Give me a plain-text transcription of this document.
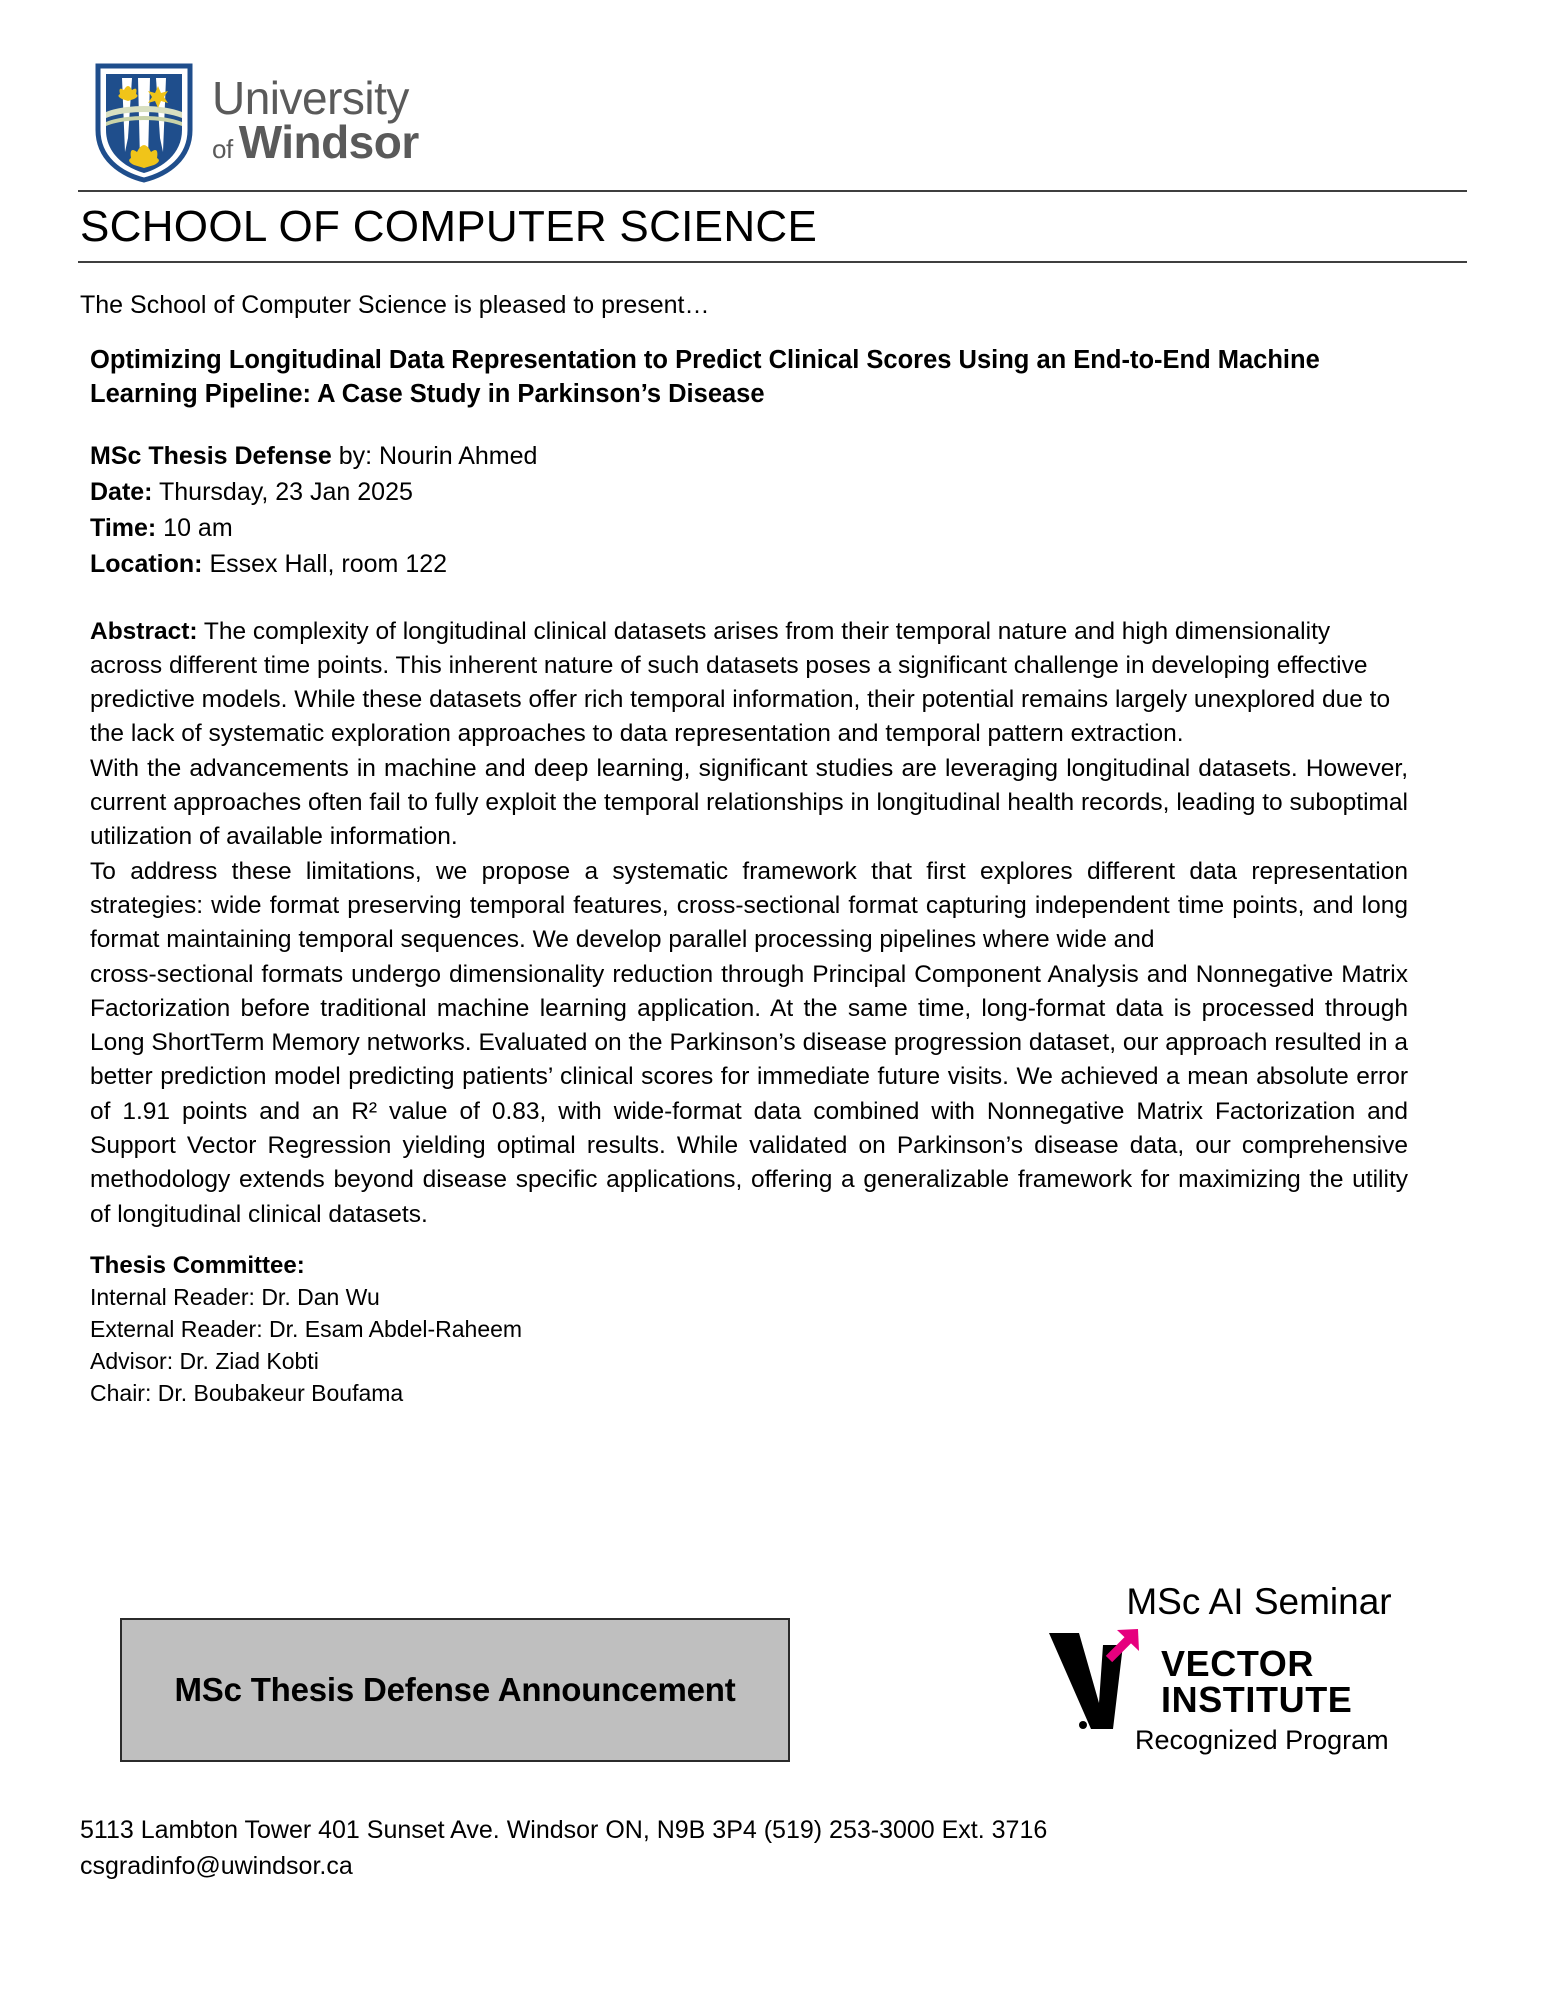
University
of Windsor
SCHOOL OF COMPUTER SCIENCE
The School of Computer Science is pleased to present…
Optimizing Longitudinal Data Representation to Predict Clinical Scores Using an End-to-End Machine Learning Pipeline: A Case Study in Parkinson’s Disease
MSc Thesis Defense by: Nourin Ahmed
Date: Thursday, 23 Jan 2025
Time: 10 am
Location: Essex Hall, room 122

Abstract: The complexity of longitudinal clinical datasets arises from their temporal nature and high dimensionality across different time points. This inherent nature of such datasets poses a significant challenge in developing effective predictive models. While these datasets offer rich temporal information, their potential remains largely unexplored due to the lack of systematic exploration approaches to data representation and temporal pattern extraction.

With the advancements in machine and deep learning, significant studies are leveraging longitudinal datasets. However, current approaches often fail to fully exploit the temporal relationships in longitudinal health records, leading to suboptimal utilization of available information.

To address these limitations, we propose a systematic framework that first explores different data representation strategies: wide format preserving temporal features, cross-sectional format capturing independent time points, and long format maintaining temporal sequences. We develop parallel processing pipelines where wide and

cross-sectional formats undergo dimensionality reduction through Principal Component Analysis and Nonnegative Matrix Factorization before traditional machine learning application. At the same time, long-format data is processed through Long ShortTerm Memory networks. Evaluated on the Parkinson’s disease progression dataset, our approach resulted in a better prediction model predicting patients’ clinical scores for immediate future visits. We achieved a mean absolute error of 1.91 points and an R² value of 0.83, with wide-format data combined with Nonnegative Matrix Factorization and Support Vector Regression yielding optimal results. While validated on Parkinson’s disease data, our comprehensive methodology extends beyond disease specific applications, offering a generalizable framework for maximizing the utility of longitudinal clinical datasets.

Thesis Committee:
Internal Reader: Dr. Dan Wu
External Reader: Dr. Esam Abdel-Raheem
Advisor: Dr. Ziad Kobti
Chair: Dr. Boubakeur Boufama
MSc Thesis Defense Announcement
MSc AI Seminar
VECTOR
INSTITUTE
Recognized Program
5113 Lambton Tower 401 Sunset Ave. Windsor ON, N9B 3P4 (519) 253-3000 Ext. 3716
csgradinfo@uwindsor.ca
